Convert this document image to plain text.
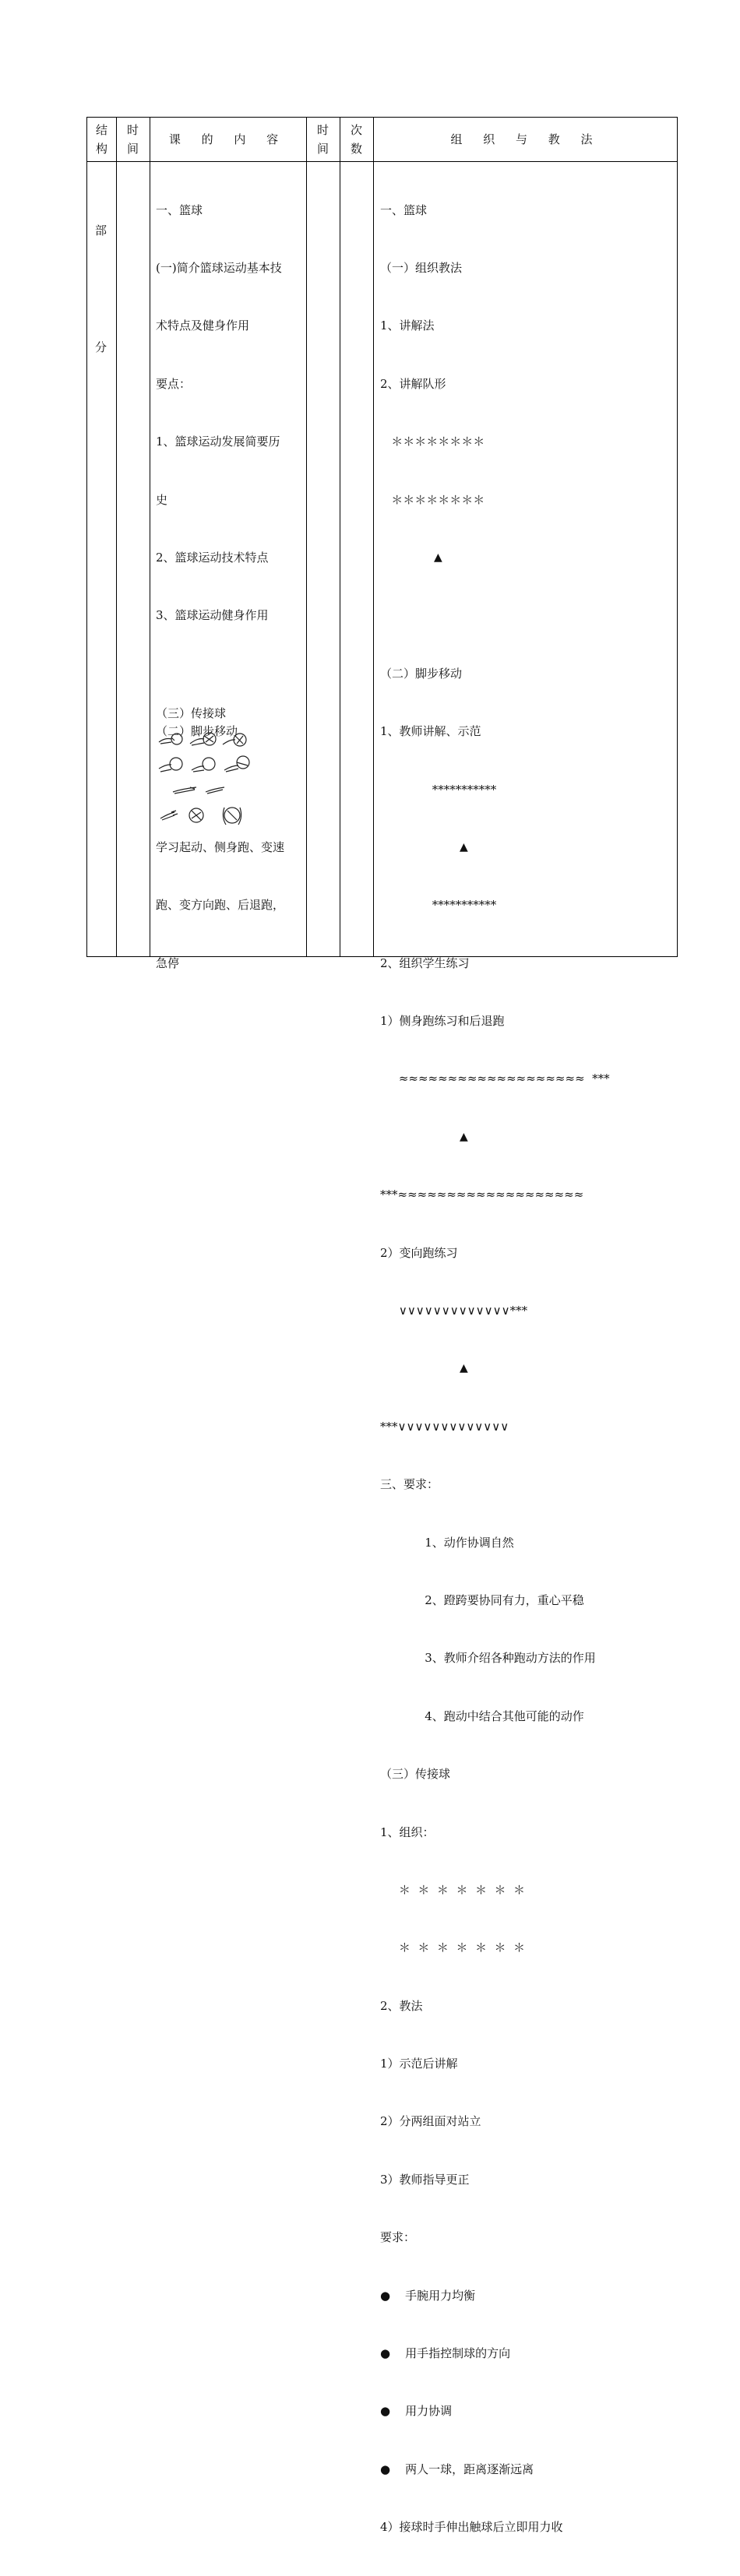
结
构
时
间
课 的 内 容
时
间
次
数
组 织 与 教 法
部
分

一、篮球

(一)简介篮球运动基本技

术特点及健身作用

要点：

1、篮球运动发展简要历

史

2、篮球运动技术特点

3、篮球运动健身作用

（二）脚步移动

学习起动、侧身跑、变速

跑、变方向跑、后退跑，

急停

（三）传接球

一、篮球

（一）组织教法

1、讲解法

2、讲解队形

＊＊＊＊＊＊＊＊

＊＊＊＊＊＊＊＊

▲

（二）脚步移动

1、教师讲解、示范

***********

▲

***********

2、组织学生练习

1）侧身跑练习和后退跑

≈≈≈≈≈≈≈≈≈≈≈≈≈≈≈≈≈≈≈  ***

▲

***≈≈≈≈≈≈≈≈≈≈≈≈≈≈≈≈≈≈≈

2）变向跑练习

∨∨∨∨∨∨∨∨∨∨∨∨∨***

▲

***∨∨∨∨∨∨∨∨∨∨∨∨∨

三、要求：

1、动作协调自然

2、蹬跨要协同有力，重心平稳

3、教师介绍各种跑动方法的作用

4、跑动中结合其他可能的动作

（三）传接球

1、组织：

＊  ＊  ＊  ＊  ＊  ＊  ＊

＊  ＊  ＊  ＊  ＊  ＊  ＊

2、教法

1）示范后讲解

2）分两组面对站立

3）教师指导更正

要求：

●    手腕用力均衡

●    用手指控制球的方向

●    用力协调

●    两人一球，距离逐渐远离

4）接球时手伸出触球后立即用力收
